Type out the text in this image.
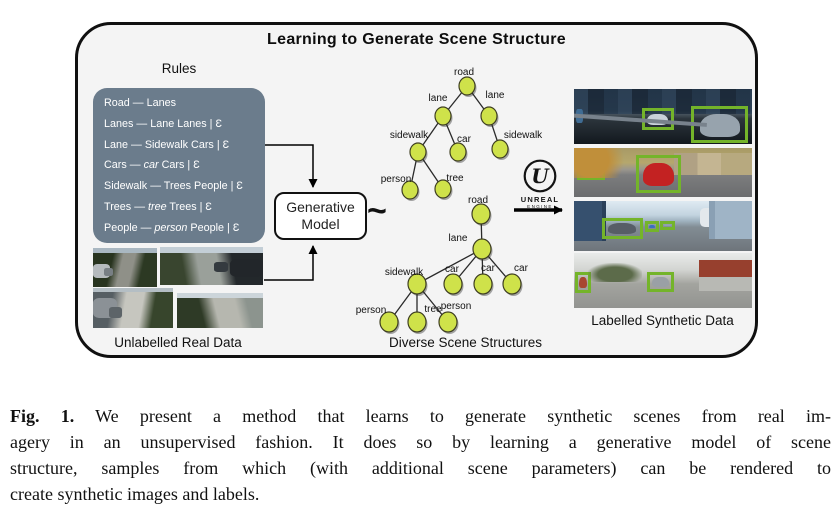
road
lane	lane
sidewalk	car	sidewalk
person	tree
road
lane
sidewalk car car car
person	tree person
Learning to Generate Scene Structure
Rules
Road — Lanes
Lanes — Lane Lanes | Ɛ
Lane — Sidewalk Cars | Ɛ
Cars — car Cars | Ɛ
Sidewalk — Trees People | Ɛ
Trees — tree Trees | Ɛ
People — person People | Ɛ
Generative
Model ~
U
UNREAL
ENGINE
Unlabelled Real Data	Diverse Scene Structures
Labelled Synthetic Data
Fig. 1. We present a method that learns to generate synthetic scenes from real im-
agery in an unsupervised fashion. It does so by learning a generative model of scene
structure, samples from which (with additional scene parameters) can be rendered to
create synthetic images and labels.
